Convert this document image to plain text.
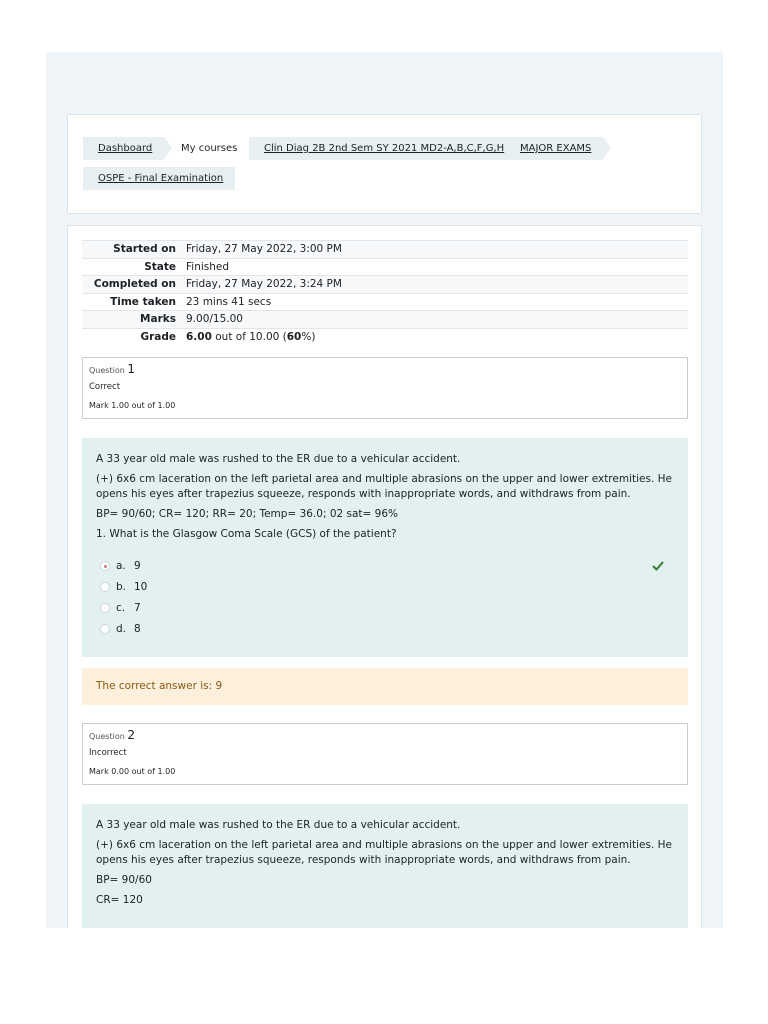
Dashboard	My courses	Clin Diag 2B 2nd Sem SY 2021 MD2-A,B,C,F,G,H	MAJOR EXAMS
OSPE - Final Examination
Started on	Friday, 27 May 2022, 3:00 PM
State	Finished
Completed on	Friday, 27 May 2022, 3:24 PM
Time taken	23 mins 41 secs
Marks	9.00/15.00
Grade	6.00 out of 10.00 (60%)
Question 1
Correct
Mark 1.00 out of 1.00

A 33 year old male was rushed to the ER due to a vehicular accident.

(+) 6x6 cm laceration on the left parietal area and multiple abrasions on the upper and lower extremities. He opens his eyes after trapezius squeeze, responds with inappropriate words, and withdraws from pain.

BP= 90/60; CR= 120; RR= 20; Temp= 36.0; 02 sat= 96%

1. What is the Glasgow Coma Scale (GCS) of the patient?

a. 9
b. 10
c. 7
d. 8
The correct answer is: 9
Question 2
Incorrect
Mark 0.00 out of 1.00

A 33 year old male was rushed to the ER due to a vehicular accident.

(+) 6x6 cm laceration on the left parietal area and multiple abrasions on the upper and lower extremities. He opens his eyes after trapezius squeeze, responds with inappropriate words, and withdraws from pain.

BP= 90/60

CR= 120
